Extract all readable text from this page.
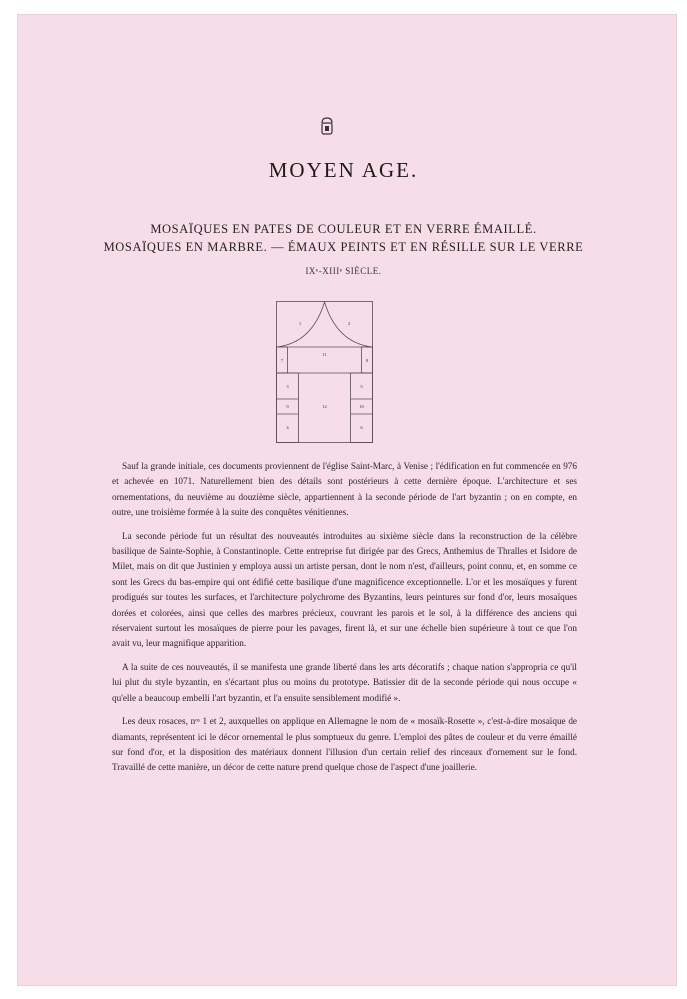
MOYEN AGE.
MOSAÏQUES EN PATES DE COULEUR ET EN VERRE ÉMAILLÉ.
MOSAÏQUES EN MARBRE. — ÉMAUX PEINTS ET EN RÉSILLE SUR LE VERRE
IXᵉ-XIIIᵉ SIÈCLE.
1	2
11
7	8
3	5
9	12	10
4	6

Sauf la grande initiale, ces documents proviennent de l'église Saint-Marc, à Venise ; l'édification en fut commencée en 976 et achevée en 1071. Naturellement bien des détails sont postérieurs à cette dernière époque. L'architecture et ses ornementations, du neuvième au douzième siècle, appartiennent à la seconde période de l'art byzantin ; on en compte, en outre, une troisième formée à la suite des conquêtes vénitiennes.

La seconde période fut un résultat des nouveautés introduites au sixième siècle dans la reconstruction de la célèbre basilique de Sainte-Sophie, à Constantinople. Cette entreprise fut dirigée par des Grecs, Anthemius de Thralles et Isidore de Milet, mais on dit que Justinien y employa aussi un artiste persan, dont le nom n'est, d'ailleurs, point connu, et, en somme ce sont les Grecs du bas-empire qui ont édifié cette basilique d'une magnificence exceptionnelle. L'or et les mosaïques y furent prodigués sur toutes les surfaces, et l'architecture polychrome des Byzantins, leurs peintures sur fond d'or, leurs mosaïques dorées et colorées, ainsi que celles des marbres précieux, couvrant les parois et le sol, à la différence des anciens qui réservaient surtout les mosaïques de pierre pour les pavages, firent là, et sur une échelle bien supérieure à tout ce que l'on avait vu, leur magnifique apparition.

A la suite de ces nouveautés, il se manifesta une grande liberté dans les arts décoratifs ; chaque nation s'appropria ce qu'il lui plut du style byzantin, en s'écartant plus ou moins du prototype. Batissier dit de la seconde période qui nous occupe « qu'elle a beaucoup embelli l'art byzantin, et l'a ensuite sensiblement modifié ».

Les deux rosaces, nᵒˢ 1 et 2, auxquelles on applique en Allemagne le nom de « mosaïk-Rosette », c'est-à-dire mosaïque de diamants, représentent ici le décor ornemental le plus somptueux du genre. L'emploi des pâtes de couleur et du verre émaillé sur fond d'or, et la disposition des matériaux donnent l'illusion d'un certain relief des rinceaux d'ornement sur le fond. Travaillé de cette manière, un décor de cette nature prend quelque chose de l'aspect d'une joaillerie.
